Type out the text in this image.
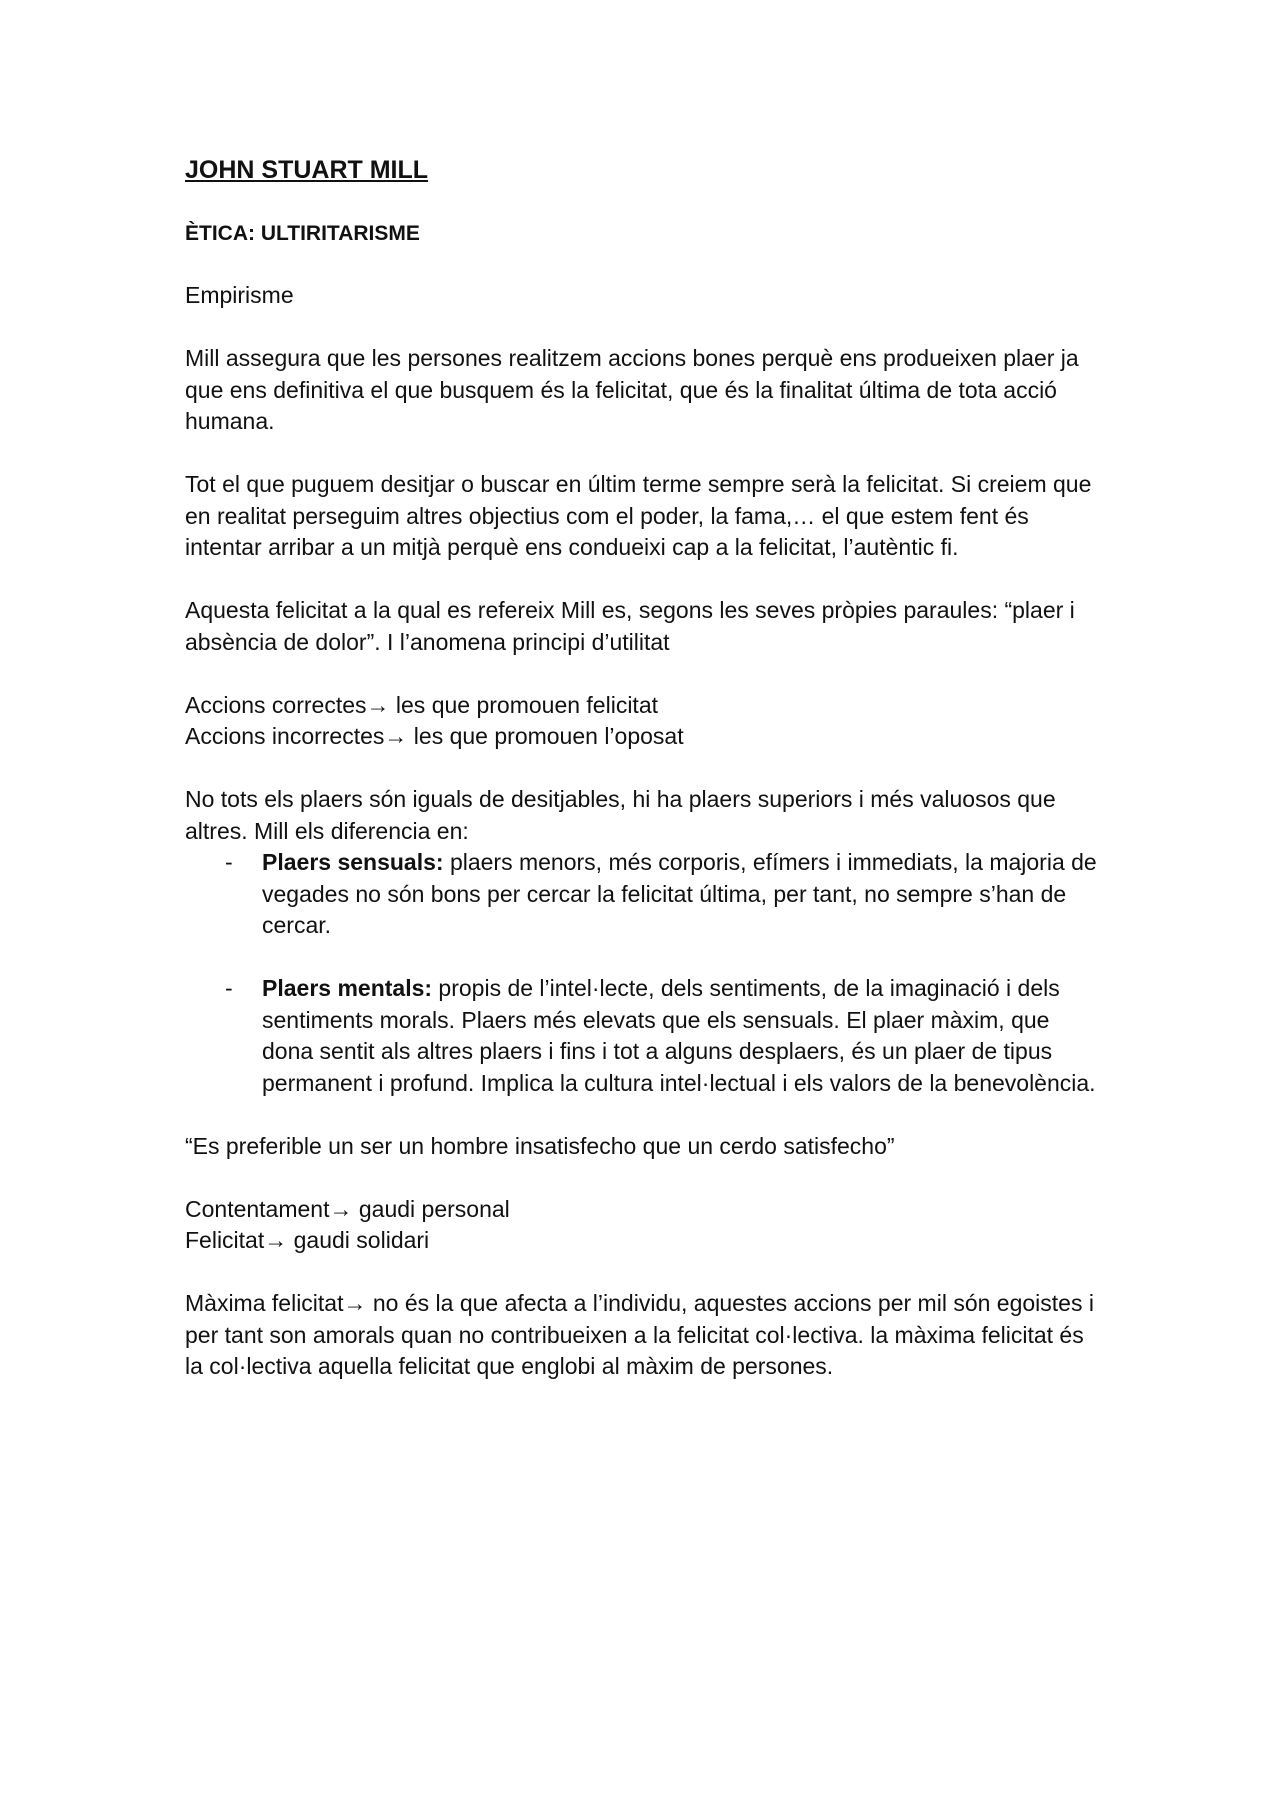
JOHN STUART MILL
ÈTICA: ULTIRITARISME

Empirisme

Mill assegura que les persones realitzem accions bones perquè ens produeixen plaer ja que ens definitiva el que busquem és la felicitat, que és la finalitat última de tota acció humana.

Tot el que puguem desitjar o buscar en últim terme sempre serà la felicitat. Si creiem que en realitat perseguim altres objectius com el poder, la fama,… el que estem fent és intentar arribar a un mitjà perquè ens condueixi cap a la felicitat, l’autèntic fi.

Aquesta felicitat a la qual es refereix Mill es, segons les seves pròpies paraules: “plaer i absència de dolor”. I l’anomena principi d’utilitat

Accions correctes→ les que promouen felicitat
Accions incorrectes→ les que promouen l’oposat
No tots els plaers són iguals de desitjables, hi ha plaers superiors i més valuosos que altres. Mill els diferencia en:
- Plaers sensuals: plaers menors, més corporis, efímers i immediats, la majoria de vegades no són bons per cercar la felicitat última, per tant, no sempre s’han de cercar.
- Plaers mentals: propis de l’intel·lecte, dels sentiments, de la imaginació i dels sentiments morals. Plaers més elevats que els sensuals. El plaer màxim, que dona sentit als altres plaers i fins i tot a alguns desplaers, és un plaer de tipus permanent i profund. Implica la cultura intel·lectual i els valors de la benevolència.

“Es preferible un ser un hombre insatisfecho que un cerdo satisfecho”

Contentament→ gaudi personal
Felicitat→ gaudi solidari

Màxima felicitat→ no és la que afecta a l’individu, aquestes accions per mil són egoistes i per tant son amorals quan no contribueixen a la felicitat col·lectiva. la màxima felicitat és la col·lectiva aquella felicitat que englobi al màxim de persones.
